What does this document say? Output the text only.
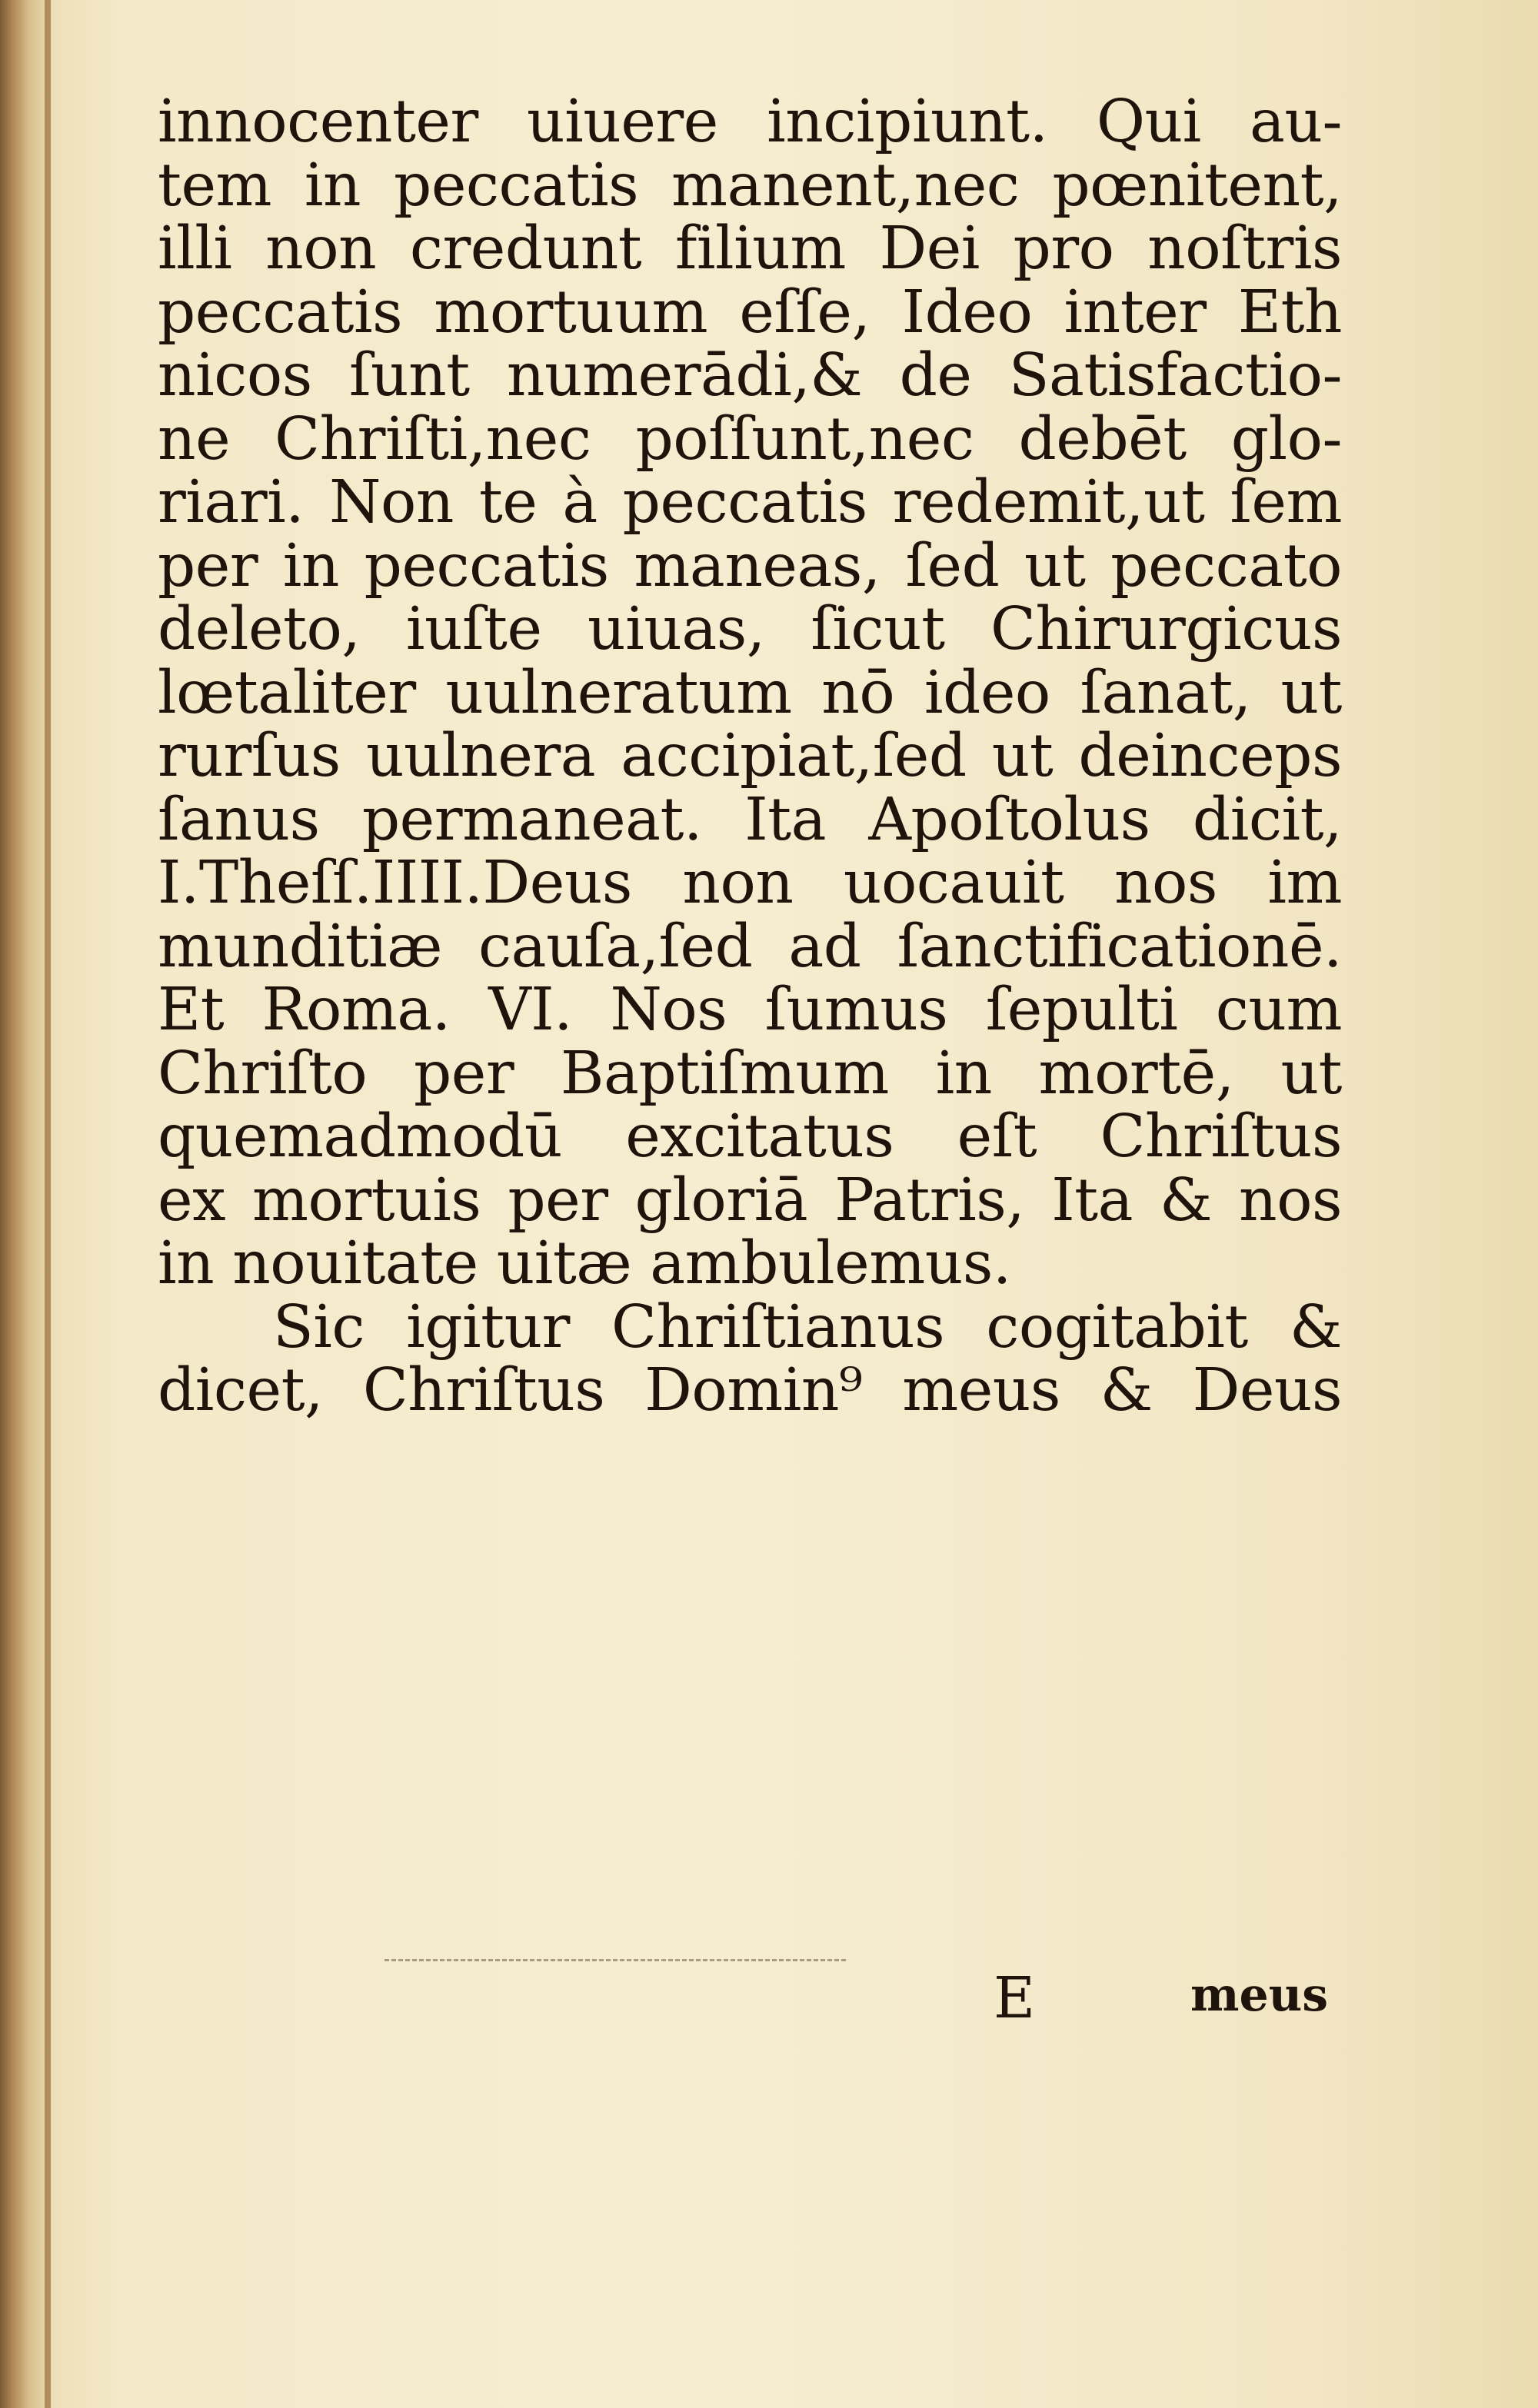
innocenter uiuere incipiunt. Qui au-
tem in peccatis manent,nec pœnitent,
illi non credunt filium Dei pro noſtris
peccatis mortuum eſſe, Ideo inter Eth
nicos ſunt numerādi,& de Satisfactio-
ne Chriſti,nec poſſunt,nec debēt glo-
riari. Non te à peccatis redemit,ut ſem
per in peccatis maneas, ſed ut peccato
deleto, iuſte uiuas, ſicut Chirurgicus
lœtaliter uulneratum nō ideo ſanat, ut
rurſus uulnera accipiat,ſed ut deinceps
ſanus permaneat. Ita Apoſtolus dicit,
I.Theſſ.IIII.Deus non uocauit nos im
munditiæ cauſa,ſed ad ſanctificationē.
Et Roma. VI. Nos ſumus ſepulti cum
Chriſto per Baptiſmum in mortē, ut
quemadmodū excitatus eſt Chriſtus
ex mortuis per gloriā Patris, Ita & nos
in nouitate uitæ ambulemus.
Sic igitur Chriſtianus cogitabit &
dicet, Chriſtus Domin⁹ meus & Deus
E	meus
